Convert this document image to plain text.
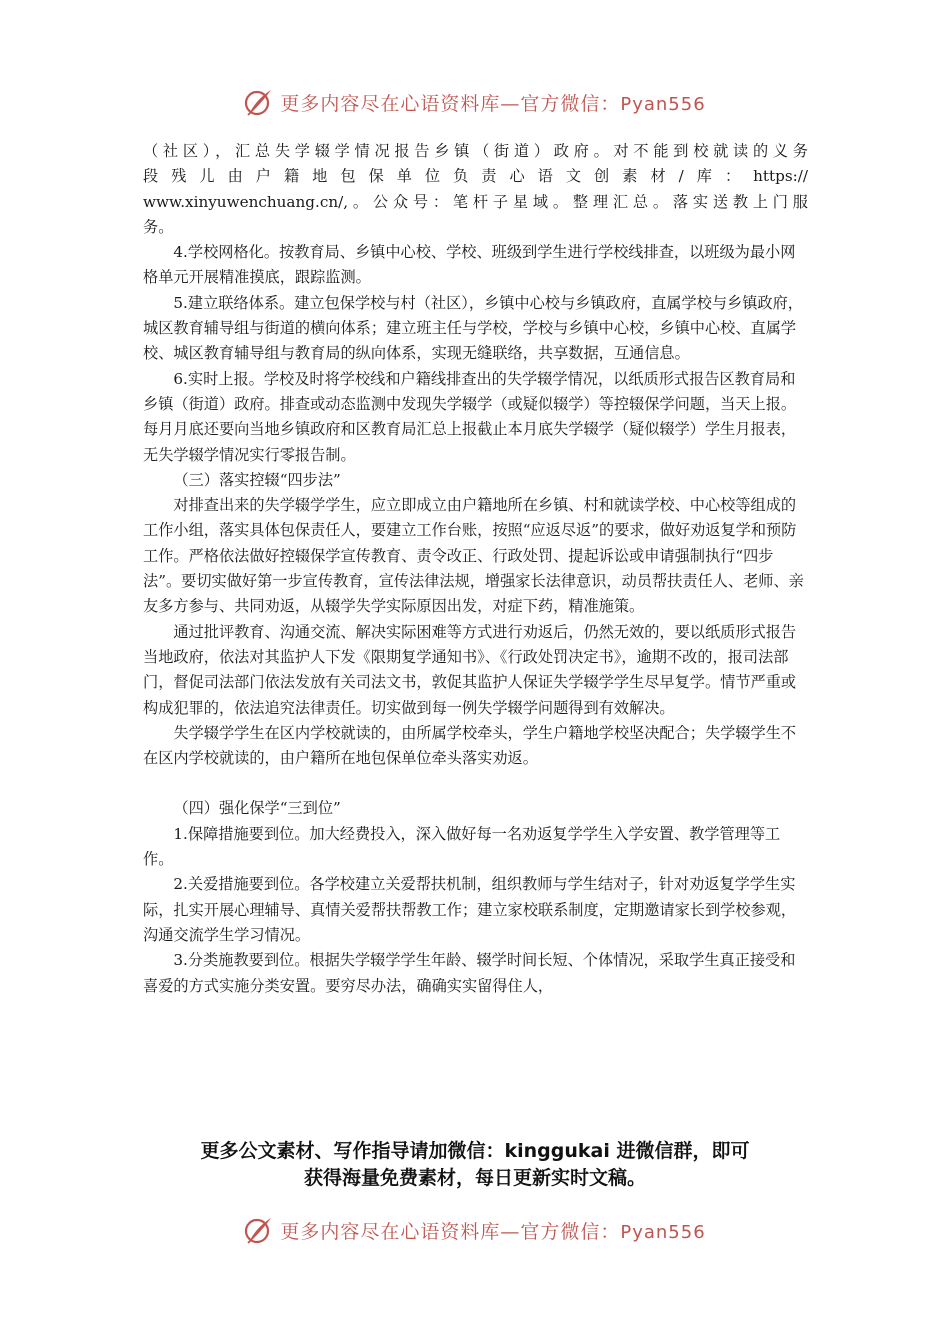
更多内容尽在心语资料库—官方微信：Pyan556

（社区），汇总失学辍学情况报告乡镇（街道）政府。对不能到校就读的义务

段残儿由户籍地包保单位负责心语文创素材/库：https://

www.xinyuwenchuang.cn/,。公众号：笔杆子星域。整理汇总。落实送教上门服

务。

4.学校网格化。按教育局、乡镇中心校、学校、班级到学生进行学校线排查，以班级为最小网格单元开展精准摸底，跟踪监测。

5.建立联络体系。建立包保学校与村（社区），乡镇中心校与乡镇政府，直属学校与乡镇政府，城区教育辅导组与街道的横向体系；建立班主任与学校，学校与乡镇中心校，乡镇中心校、直属学校、城区教育辅导组与教育局的纵向体系，实现无缝联络，共享数据，互通信息。

6.实时上报。学校及时将学校线和户籍线排查出的失学辍学情况，以纸质形式报告区教育局和乡镇（街道）政府。排查或动态监测中发现失学辍学（或疑似辍学）等控辍保学问题，当天上报。每月月底还要向当地乡镇政府和区教育局汇总上报截止本月底失学辍学（疑似辍学）学生月报表，无失学辍学情况实行零报告制。

（三）落实控辍“四步法”

对排查出来的失学辍学学生，应立即成立由户籍地所在乡镇、村和就读学校、中心校等组成的工作小组，落实具体包保责任人，要建立工作台账，按照“应返尽返”的要求，做好劝返复学和预防工作。严格依法做好控辍保学宣传教育、责令改正、行政处罚、提起诉讼或申请强制执行“四步法”。要切实做好第一步宣传教育，宣传法律法规，增强家长法律意识，动员帮扶责任人、老师、亲友多方参与、共同劝返，从辍学失学实际原因出发，对症下药，精准施策。

通过批评教育、沟通交流、解决实际困难等方式进行劝返后，仍然无效的，要以纸质形式报告当地政府，依法对其监护人下发《限期复学通知书》、《行政处罚决定书》，逾期不改的，报司法部门，督促司法部门依法发放有关司法文书，敦促其监护人保证失学辍学学生尽早复学。情节严重或构成犯罪的，依法追究法律责任。切实做到每一例失学辍学问题得到有效解决。

失学辍学学生在区内学校就读的，由所属学校牵头，学生户籍地学校坚决配合；失学辍学生不在区内学校就读的，由户籍所在地包保单位牵头落实劝返。

（四）强化保学“三到位”

1.保障措施要到位。加大经费投入，深入做好每一名劝返复学学生入学安置、教学管理等工作。

2.关爱措施要到位。各学校建立关爱帮扶机制，组织教师与学生结对子，针对劝返复学学生实际，扎实开展心理辅导、真情关爱帮扶帮教工作；建立家校联系制度，定期邀请家长到学校参观，沟通交流学生学习情况。

3.分类施教要到位。根据失学辍学学生年龄、辍学时间长短、个体情况，采取学生真正接受和喜爱的方式实施分类安置。要穷尽办法，确确实实留得住人，

更多公文素材、写作指导请加微信：kinggukai 进微信群，即可
获得海量免费素材，每日更新实时文稿。
更多内容尽在心语资料库—官方微信：Pyan556
